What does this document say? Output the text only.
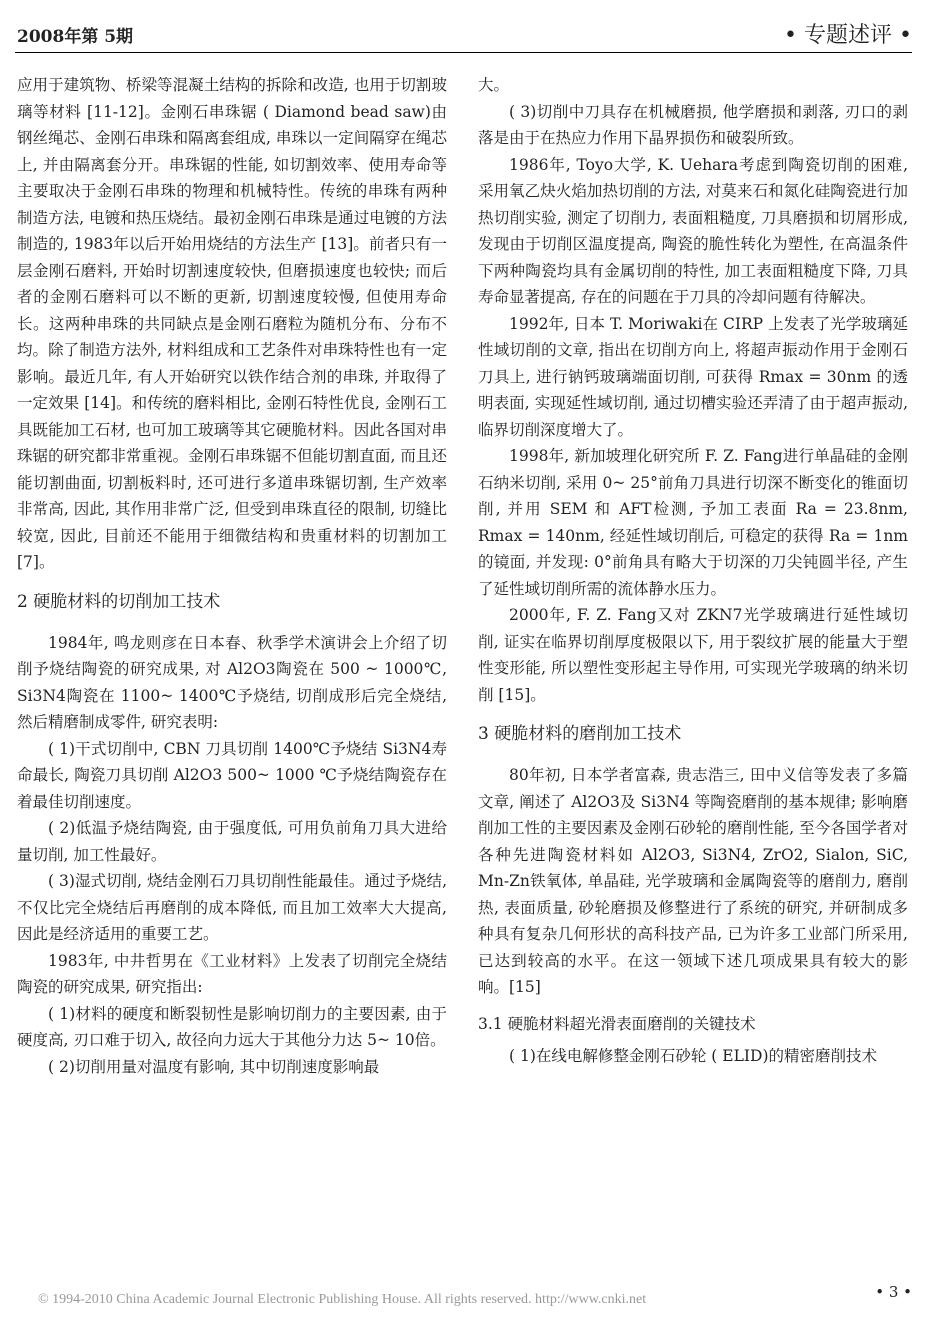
2008年第 5期	• 专题述评 •

应用于建筑物、桥梁等混凝土结构的拆除和改造, 也用于切割玻璃等材料 [11-12]。金刚石串珠锯 ( Diamond bead saw)由钢丝绳芯、金刚石串珠和隔离套组成, 串珠以一定间隔穿在绳芯上, 并由隔离套分开。串珠锯的性能, 如切割效率、使用寿命等主要取决于金刚石串珠的物理和机械特性。传统的串珠有两种制造方法, 电镀和热压烧结。最初金刚石串珠是通过电镀的方法制造的, 1983年以后开始用烧结的方法生产 [13]。前者只有一层金刚石磨料, 开始时切割速度较快, 但磨损速度也较快; 而后者的金刚石磨料可以不断的更新, 切割速度较慢, 但使用寿命长。这两种串珠的共同缺点是金刚石磨粒为随机分布、分布不均。除了制造方法外, 材料组成和工艺条件对串珠特性也有一定影响。最近几年, 有人开始研究以铁作结合剂的串珠, 并取得了一定效果 [14]。和传统的磨料相比, 金刚石特性优良, 金刚石工具既能加工石材, 也可加工玻璃等其它硬脆材料。因此各国对串珠锯的研究都非常重视。金刚石串珠锯不但能切割直面, 而且还能切割曲面, 切割板料时, 还可进行多道串珠锯切割, 生产效率非常高, 因此, 其作用非常广泛, 但受到串珠直径的限制, 切缝比较宽, 因此, 目前还不能用于细微结构和贵重材料的切割加工 [7]。

2 硬脆材料的切削加工技术

1984年, 鸣龙则彦在日本春、秋季学术演讲会上介绍了切削予烧结陶瓷的研究成果, 对 Al2O3陶瓷在 500 ~ 1000℃, Si3N4陶瓷在 1100~ 1400℃予烧结, 切削成形后完全烧结, 然后精磨制成零件, 研究表明:

( 1)干式切削中, CBN 刀具切削 1400℃予烧结 Si3N4寿命最长, 陶瓷刀具切削 Al2O3 500~ 1000 ℃予烧结陶瓷存在着最佳切削速度。

( 2)低温予烧结陶瓷, 由于强度低, 可用负前角刀具大进给量切削, 加工性最好。

( 3)湿式切削, 烧结金刚石刀具切削性能最佳。通过予烧结, 不仅比完全烧结后再磨削的成本降低, 而且加工效率大大提高, 因此是经济适用的重要工艺。

1983年, 中井哲男在《工业材料》上发表了切削完全烧结陶瓷的研究成果, 研究指出:

( 1)材料的硬度和断裂韧性是影响切削力的主要因素, 由于硬度高, 刃口难于切入, 故径向力远大于其他分力达 5~ 10倍。

( 2)切削用量对温度有影响, 其中切削速度影响最

大。

( 3)切削中刀具存在机械磨损, 他学磨损和剥落, 刃口的剥落是由于在热应力作用下晶界损伤和破裂所致。

1986年, Toyo大学, K. Uehara考虑到陶瓷切削的困难, 采用氧乙炔火焰加热切削的方法, 对莫来石和氮化硅陶瓷进行加热切削实验, 测定了切削力, 表面粗糙度, 刀具磨损和切屑形成, 发现由于切削区温度提高, 陶瓷的脆性转化为塑性, 在高温条件下两种陶瓷均具有金属切削的特性, 加工表面粗糙度下降, 刀具寿命显著提高, 存在的问题在于刀具的冷却问题有待解决。

1992年, 日本 T. Moriwaki在 CIRP 上发表了光学玻璃延性域切削的文章, 指出在切削方向上, 将超声振动作用于金刚石刀具上, 进行钠钙玻璃端面切削, 可获得 Rmax = 30nm 的透明表面, 实现延性域切削, 通过切槽实验还弄清了由于超声振动, 临界切削深度增大了。

1998年, 新加坡理化研究所 F. Z. Fang进行单晶硅的金刚石纳米切削, 采用 0~ 25°前角刀具进行切深不断变化的锥面切削, 并用 SEM 和 AFT检测, 予加工表面 Ra = 23.8nm, Rmax = 140nm, 经延性域切削后, 可稳定的获得 Ra = 1nm的镜面, 并发现: 0°前角具有略大于切深的刀尖钝圆半径, 产生了延性域切削所需的流体静水压力。

2000年, F. Z. Fang又对 ZKN7光学玻璃进行延性域切削, 证实在临界切削厚度极限以下, 用于裂纹扩展的能量大于塑性变形能, 所以塑性变形起主导作用, 可实现光学玻璃的纳米切削 [15]。

3 硬脆材料的磨削加工技术

80年初, 日本学者富森, 贵志浩三, 田中义信等发表了多篇文章, 阐述了 Al2O3及 Si3N4 等陶瓷磨削的基本规律; 影响磨削加工性的主要因素及金刚石砂轮的磨削性能, 至今各国学者对各种先进陶瓷材料如 Al2O3, Si3N4, ZrO2, Sialon, SiC, Mn-Zn铁氧体, 单晶硅, 光学玻璃和金属陶瓷等的磨削力, 磨削热, 表面质量, 砂轮磨损及修整进行了系统的研究, 并研制成多种具有复杂几何形状的高科技产品, 已为许多工业部门所采用, 已达到较高的水平。在这一领域下述几项成果具有较大的影响。[15]

3.1 硬脆材料超光滑表面磨削的关键技术

( 1)在线电解修整金刚石砂轮 ( ELID)的精密磨削技术

• 3 •
© 1994-2010 China Academic Journal Electronic Publishing House. All rights reserved. http://www.cnki.net
